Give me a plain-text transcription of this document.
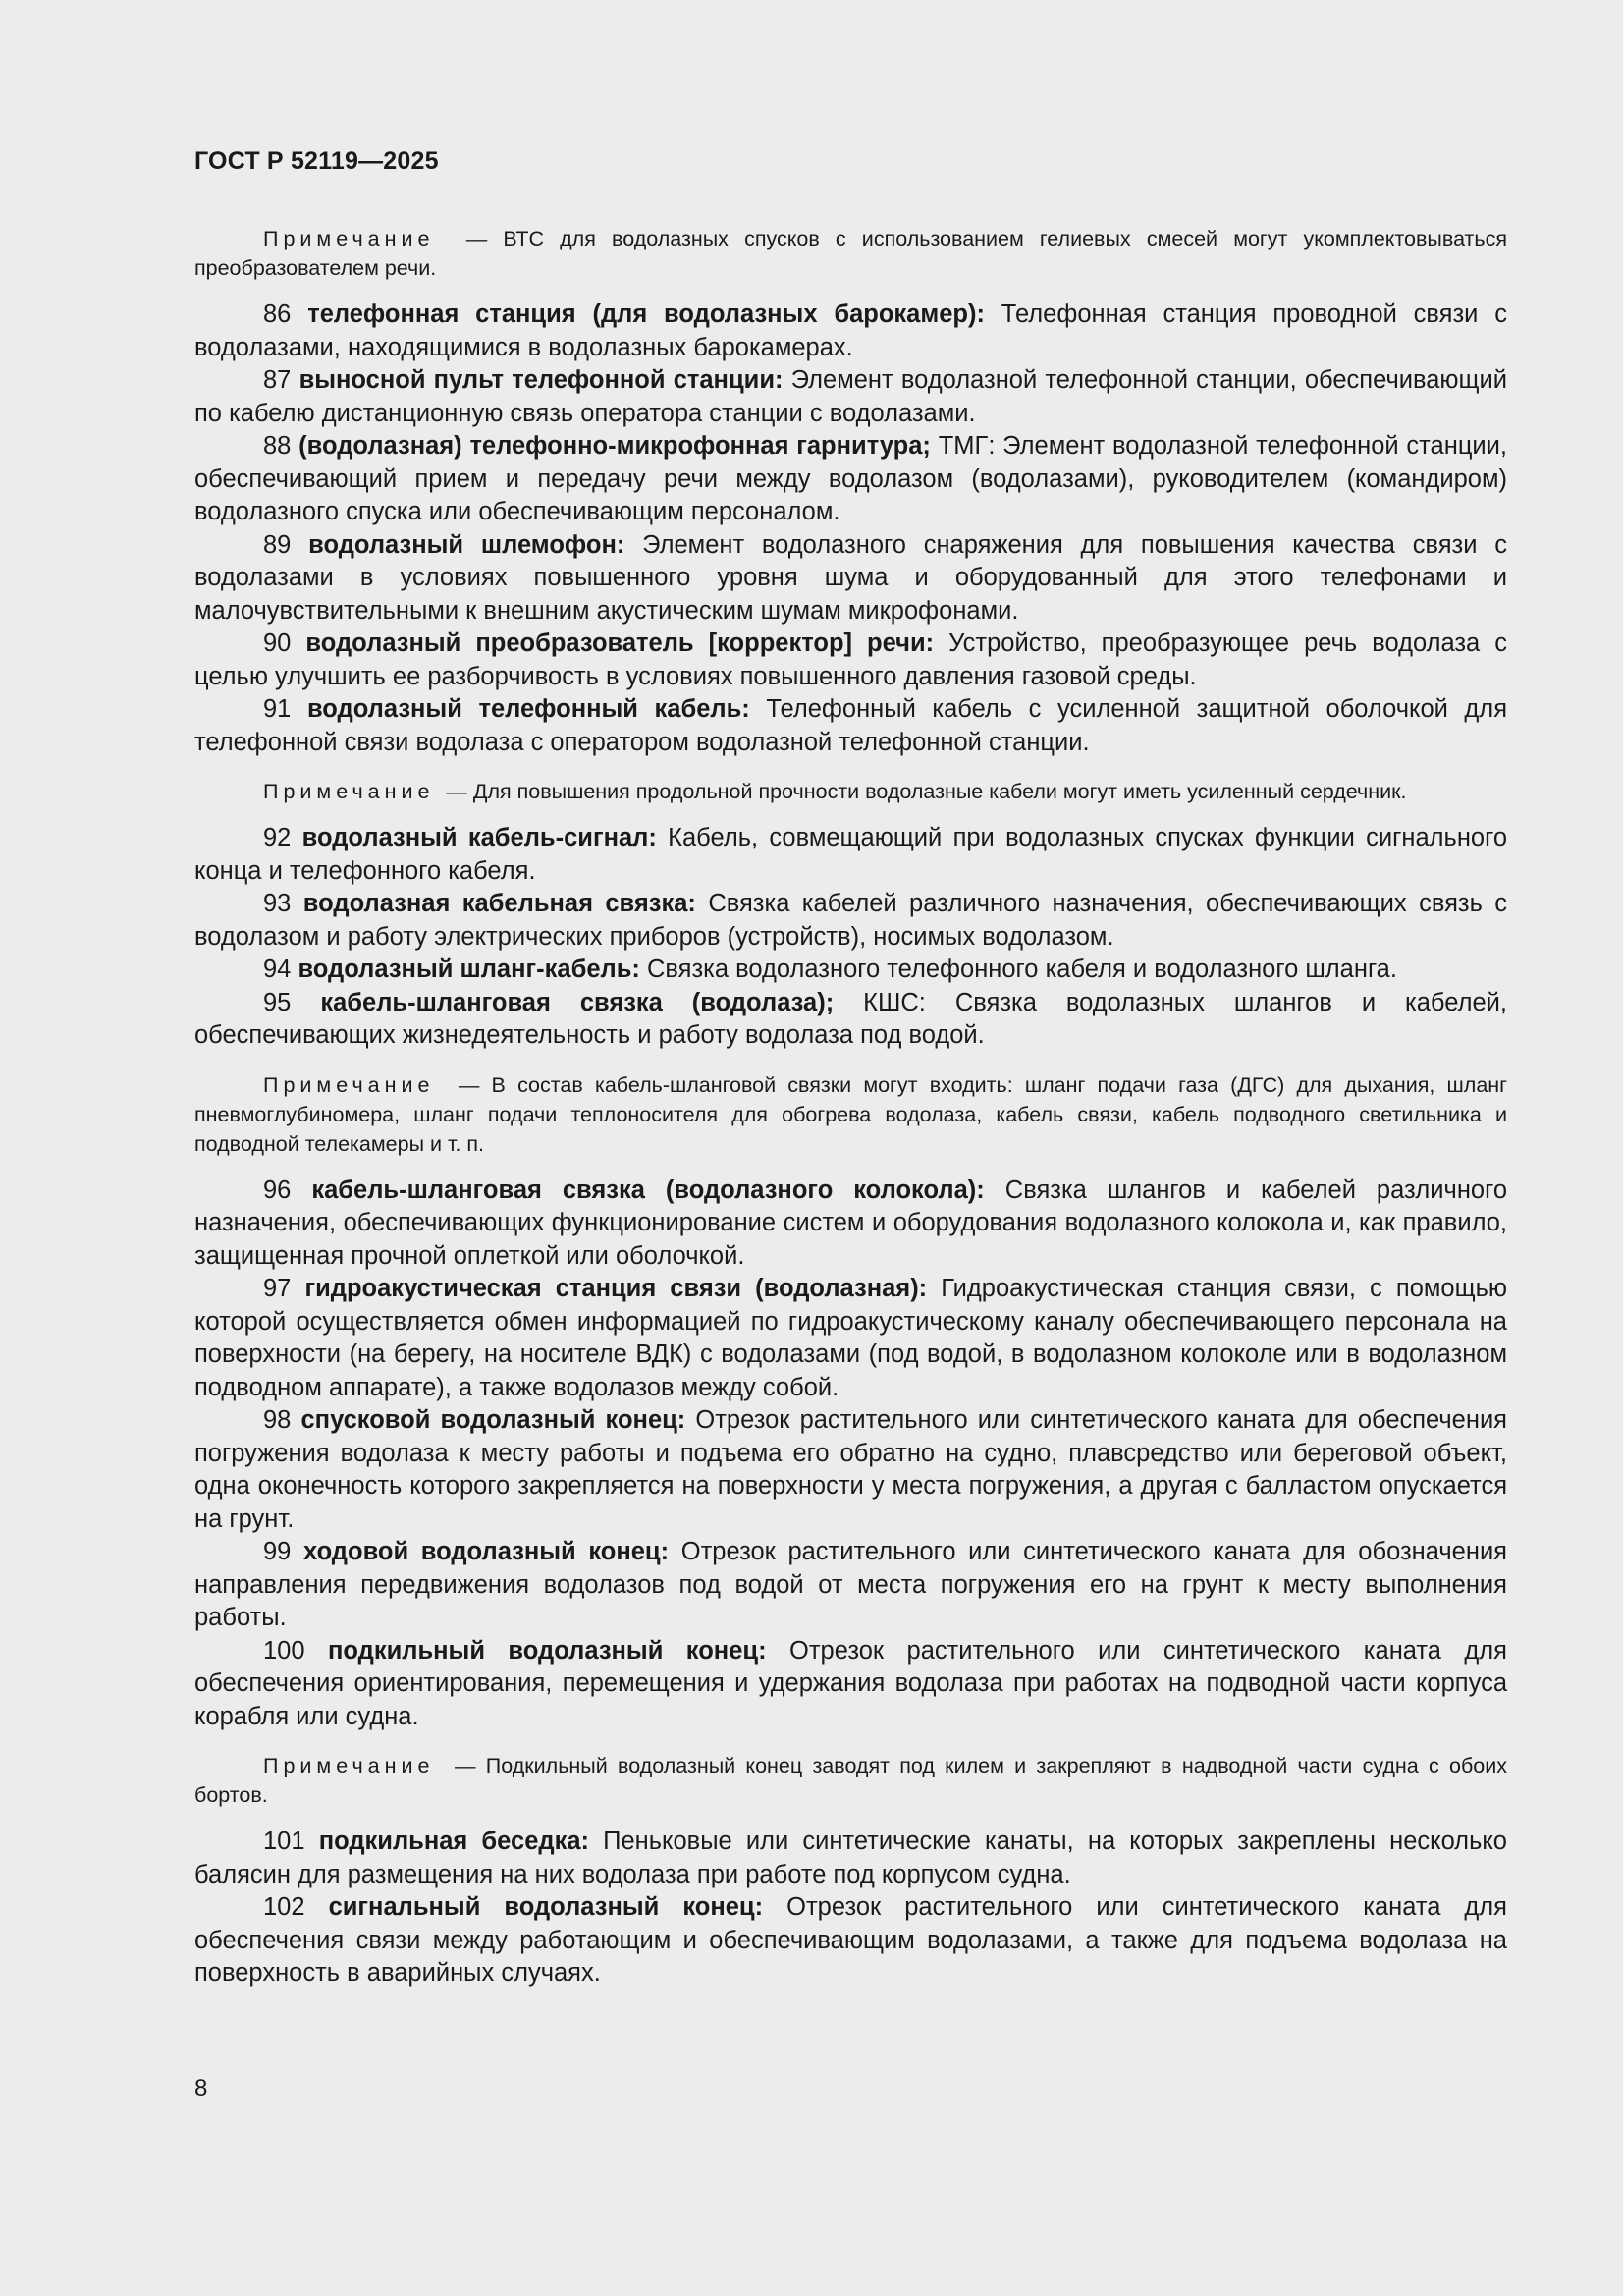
ГОСТ Р 52119—2025

Примечание — ВТС для водолазных спусков с использованием гелиевых смесей могут укомплектовываться преобразователем речи.

86 телефонная станция (для водолазных барокамер): Телефонная станция проводной связи с водолазами, находящимися в водолазных барокамерах.

87 выносной пульт телефонной станции: Элемент водолазной телефонной станции, обеспечивающий по кабелю дистанционную связь оператора станции с водолазами.

88 (водолазная) телефонно-микрофонная гарнитура; ТМГ: Элемент водолазной телефонной станции, обеспечивающий прием и передачу речи между водолазом (водолазами), руководителем (командиром) водолазного спуска или обеспечивающим персоналом.

89 водолазный шлемофон: Элемент водолазного снаряжения для повышения качества связи с водолазами в условиях повышенного уровня шума и оборудованный для этого телефонами и малочувствительными к внешним акустическим шумам микрофонами.

90 водолазный преобразователь [корректор] речи: Устройство, преобразующее речь водолаза с целью улучшить ее разборчивость в условиях повышенного давления газовой среды.

91 водолазный телефонный кабель: Телефонный кабель с усиленной защитной оболочкой для телефонной связи водолаза с оператором водолазной телефонной станции.

Примечание — Для повышения продольной прочности водолазные кабели могут иметь усиленный сердечник.

92 водолазный кабель-сигнал: Кабель, совмещающий при водолазных спусках функции сигнального конца и телефонного кабеля.

93 водолазная кабельная связка: Связка кабелей различного назначения, обеспечивающих связь с водолазом и работу электрических приборов (устройств), носимых водолазом.

94 водолазный шланг-кабель: Связка водолазного телефонного кабеля и водолазного шланга.

95 кабель-шланговая связка (водолаза); КШС: Связка водолазных шлангов и кабелей, обеспечивающих жизнедеятельность и работу водолаза под водой.

Примечание — В состав кабель-шланговой связки могут входить: шланг подачи газа (ДГС) для дыхания, шланг пневмоглубиномера, шланг подачи теплоносителя для обогрева водолаза, кабель связи, кабель подводного светильника и подводной телекамеры и т. п.

96 кабель-шланговая связка (водолазного колокола): Связка шлангов и кабелей различного назначения, обеспечивающих функционирование систем и оборудования водолазного колокола и, как правило, защищенная прочной оплеткой или оболочкой.

97 гидроакустическая станция связи (водолазная): Гидроакустическая станция связи, с помощью которой осуществляется обмен информацией по гидроакустическому каналу обеспечивающего персонала на поверхности (на берегу, на носителе ВДК) с водолазами (под водой, в водолазном колоколе или в водолазном подводном аппарате), а также водолазов между собой.

98 спусковой водолазный конец: Отрезок растительного или синтетического каната для обеспечения погружения водолаза к месту работы и подъема его обратно на судно, плавсредство или береговой объект, одна оконечность которого закрепляется на поверхности у места погружения, а другая с балластом опускается на грунт.

99 ходовой водолазный конец: Отрезок растительного или синтетического каната для обозначения направления передвижения водолазов под водой от места погружения его на грунт к месту выполнения работы.

100 подкильный водолазный конец: Отрезок растительного или синтетического каната для обеспечения ориентирования, перемещения и удержания водолаза при работах на подводной части корпуса корабля или судна.

Примечание — Подкильный водолазный конец заводят под килем и закрепляют в надводной части судна с обоих бортов.

101 подкильная беседка: Пеньковые или синтетические канаты, на которых закреплены несколько балясин для размещения на них водолаза при работе под корпусом судна.

102 сигнальный водолазный конец: Отрезок растительного или синтетического каната для обеспечения связи между работающим и обеспечивающим водолазами, а также для подъема водолаза на поверхность в аварийных случаях.

8
